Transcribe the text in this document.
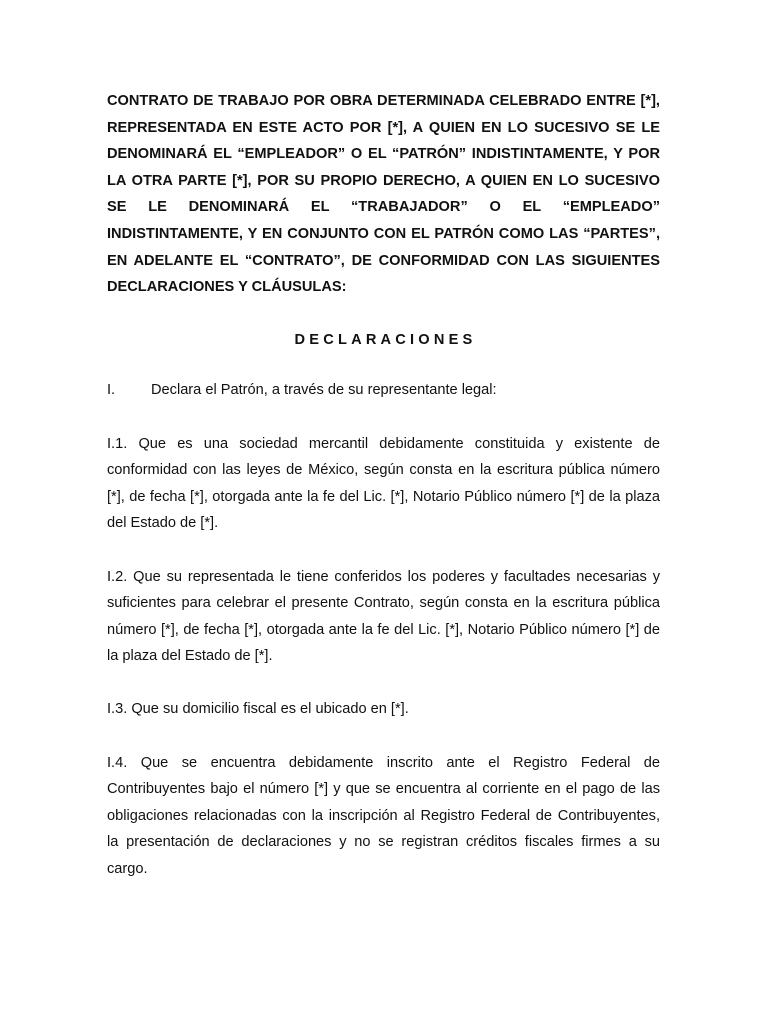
CONTRATO DE TRABAJO POR OBRA DETERMINADA CELEBRADO ENTRE [*], REPRESENTADA EN ESTE ACTO POR [*], A QUIEN EN LO SUCESIVO SE LE DENOMINARÁ EL “EMPLEADOR” O EL “PATRÓN” INDISTINTAMENTE, Y POR LA OTRA PARTE [*], POR SU PROPIO DERECHO, A QUIEN EN LO SUCESIVO SE LE DENOMINARÁ EL “TRABAJADOR” O EL “EMPLEADO” INDISTINTAMENTE, Y EN CONJUNTO CON EL PATRÓN COMO LAS “PARTES”, EN ADELANTE EL “CONTRATO”, DE CONFORMIDAD CON LAS SIGUIENTES DECLARACIONES Y CLÁUSULAS:

DECLARACIONES

I. Declara el Patrón, a través de su representante legal:

I.1. Que es una sociedad mercantil debidamente constituida y existente de conformidad con las leyes de México, según consta en la escritura pública número [*], de fecha [*], otorgada ante la fe del Lic. [*], Notario Público número [*] de la plaza del Estado de [*].

I.2. Que su representada le tiene conferidos los poderes y facultades necesarias y suficientes para celebrar el presente Contrato, según consta en la escritura pública número [*], de fecha [*], otorgada ante la fe del Lic. [*], Notario Público número [*] de la plaza del Estado de [*].

I.3. Que su domicilio fiscal es el ubicado en [*].

I.4. Que se encuentra debidamente inscrito ante el Registro Federal de Contribuyentes bajo el número [*] y que se encuentra al corriente en el pago de las obligaciones relacionadas con la inscripción al Registro Federal de Contribuyentes, la presentación de declaraciones y no se registran créditos fiscales firmes a su cargo.
